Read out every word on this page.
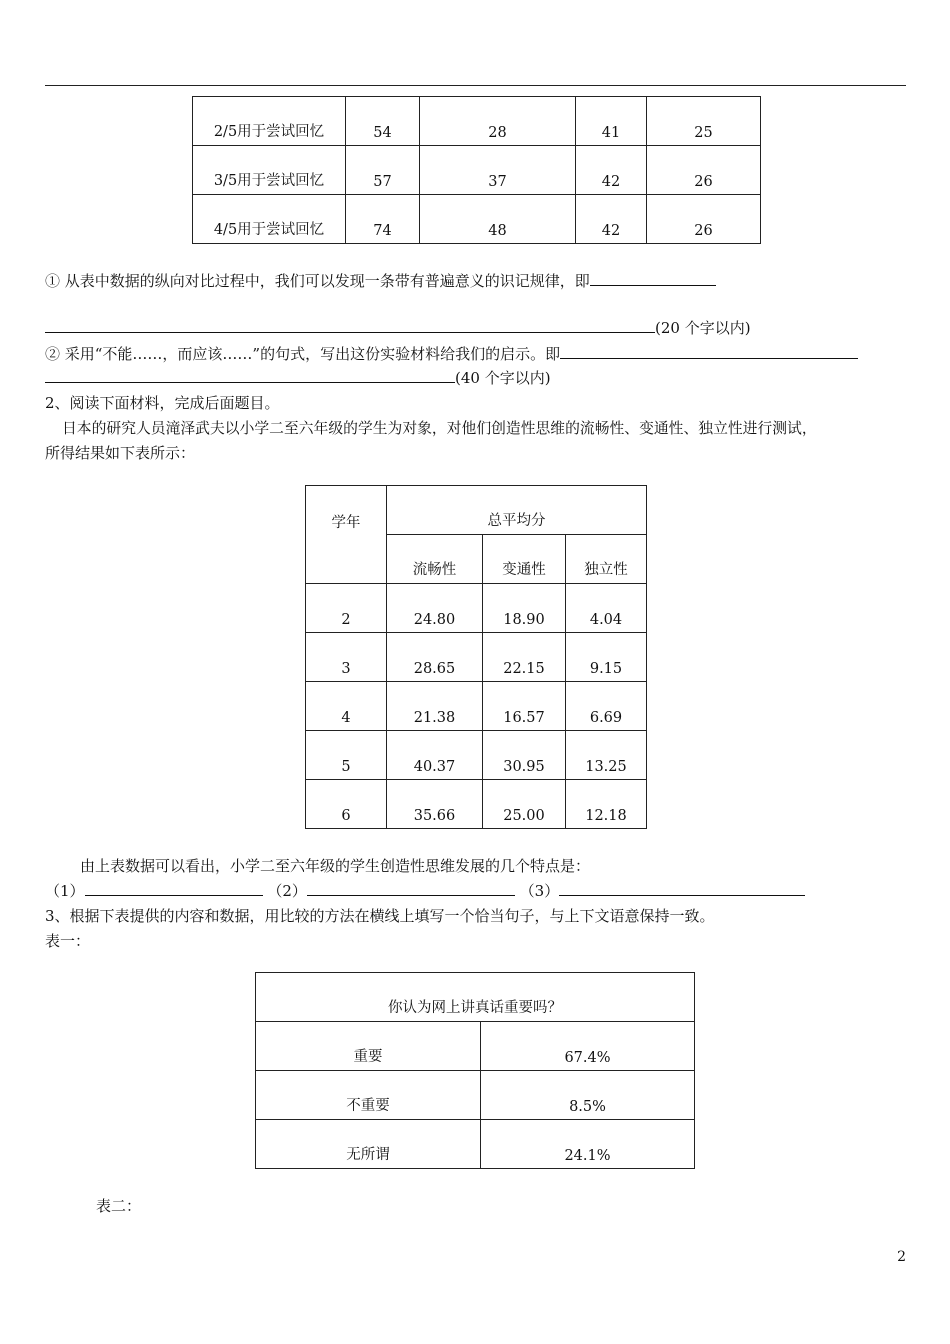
2/5用于尝试回忆	54	28	41	25
3/5用于尝试回忆	57	37	42	26
4/5用于尝试回忆	74	48	42	26
① 从表中数据的纵向对比过程中，我们可以发现一条带有普遍意义的识记规律，即
(20 个字以内)
② 采用“不能……，而应该……”的句式，写出这份实验材料给我们的启示。即
(40 个字以内)
2、阅读下面材料，完成后面题目。
日本的研究人员滝泽武夫以小学二至六年级的学生为对象，对他们创造性思维的流畅性、变通性、独立性进行测试，
所得结果如下表所示：
学年	总平均分		
	流畅性	变通性	独立性
2	24.80	18.90	4.04
3	28.65	22.15	9.15
4	21.38	16.57	6.69
5	40.37	30.95	13.25
6	35.66	25.00	12.18
由上表数据可以看出，小学二至六年级的学生创造性思维发展的几个特点是：
（1）	（2）	（3）
3、根据下表提供的内容和数据，用比较的方法在横线上填写一个恰当句子，与上下文语意保持一致。
表一：
你认为网上讲真话重要吗？	
重要	67.4%
不重要	8.5%
无所谓	24.1%
表二：
2
